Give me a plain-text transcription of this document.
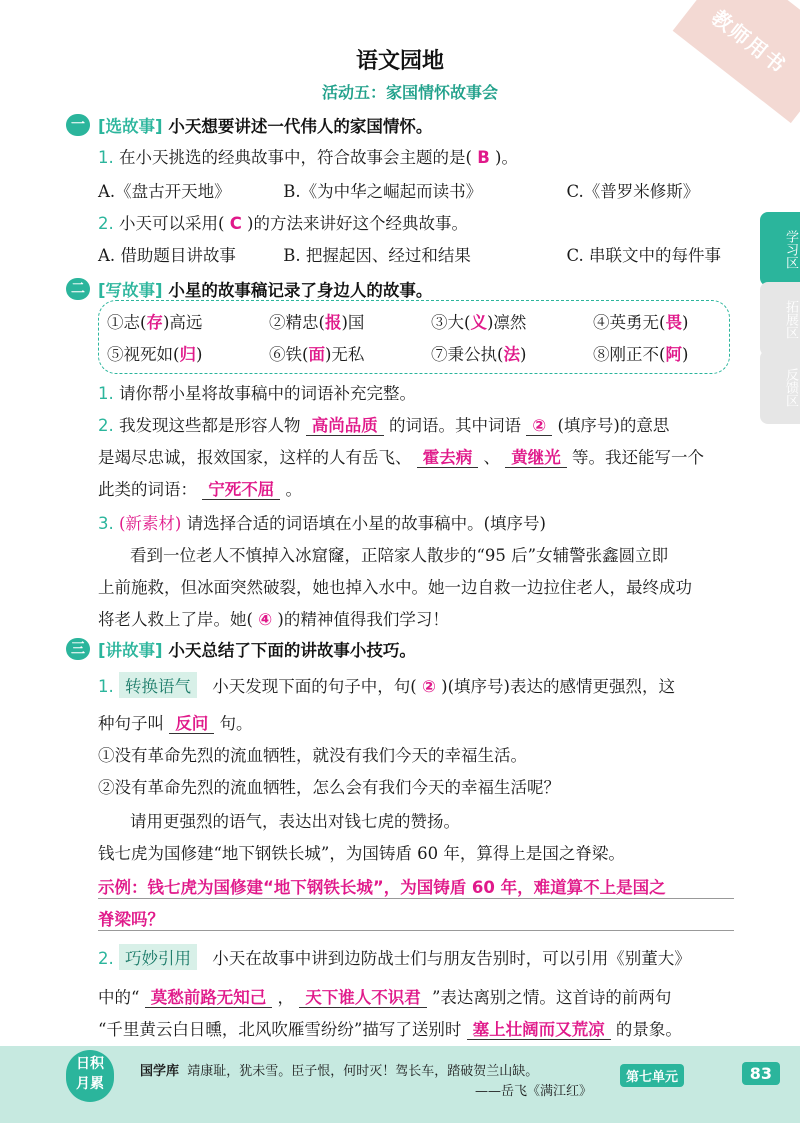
教师用书
语文园地
活动五：家国情怀故事会
学习区
拓展区
反馈区
一 [选故事] 小天想要讲述一代伟人的家国情怀。
1. 在小天挑选的经典故事中，符合故事会主题的是( B )。
A.《盘古开天地》	B.《为中华之崛起而读书》	C.《普罗米修斯》
2. 小天可以采用( C )的方法来讲好这个经典故事。
A. 借助题目讲故事	B. 把握起因、经过和结果	C. 串联文中的每件事
二 [写故事] 小星的故事稿记录了身边人的故事。
①志(存)高远	②精忠(报)国	③大(义)凛然	④英勇无(畏)
⑤视死如(归)	⑥铁(面)无私	⑦秉公执(法)	⑧刚正不(阿)
1. 请你帮小星将故事稿中的词语补充完整。
2. 我发现这些都是形容人物 高尚品质 的词语。其中词语 ② (填序号)的意思
是竭尽忠诚，报效国家，这样的人有岳飞、 霍去病 、 黄继光 等。我还能写一个
此类的词语： 宁死不屈 。
3. (新素材) 请选择合适的词语填在小星的故事稿中。(填序号)
看到一位老人不慎掉入冰窟窿，正陪家人散步的“95 后”女辅警张鑫圆立即
上前施救，但冰面突然破裂，她也掉入水中。她一边自救一边拉住老人，最终成功
将老人救上了岸。她( ④ )的精神值得我们学习！
三 [讲故事] 小天总结了下面的讲故事小技巧。
1. 转换语气 小天发现下面的句子中，句( ② )(填序号)表达的感情更强烈，这
种句子叫 反问 句。
①没有革命先烈的流血牺牲，就没有我们今天的幸福生活。
②没有革命先烈的流血牺牲，怎么会有我们今天的幸福生活呢？
请用更强烈的语气，表达出对钱七虎的赞扬。
钱七虎为国修建“地下钢铁长城”，为国铸盾 60 年，算得上是国之脊梁。
示例：钱七虎为国修建“地下钢铁长城”，为国铸盾 60 年，难道算不上是国之
脊梁吗？
2. 巧妙引用 小天在故事中讲到边防战士们与朋友告别时，可以引用《别董大》
中的“ 莫愁前路无知己 ， 天下谁人不识君 ”表达离别之情。这首诗的前两句
“千里黄云白日曛，北风吹雁雪纷纷”描写了送别时 塞上壮阔而又荒凉 的景象。
日积
月累
国学库 靖康耻，犹未雪。臣子恨，何时灭！驾长车，踏破贺兰山缺。
——岳飞《满江红》
第七单元	83
